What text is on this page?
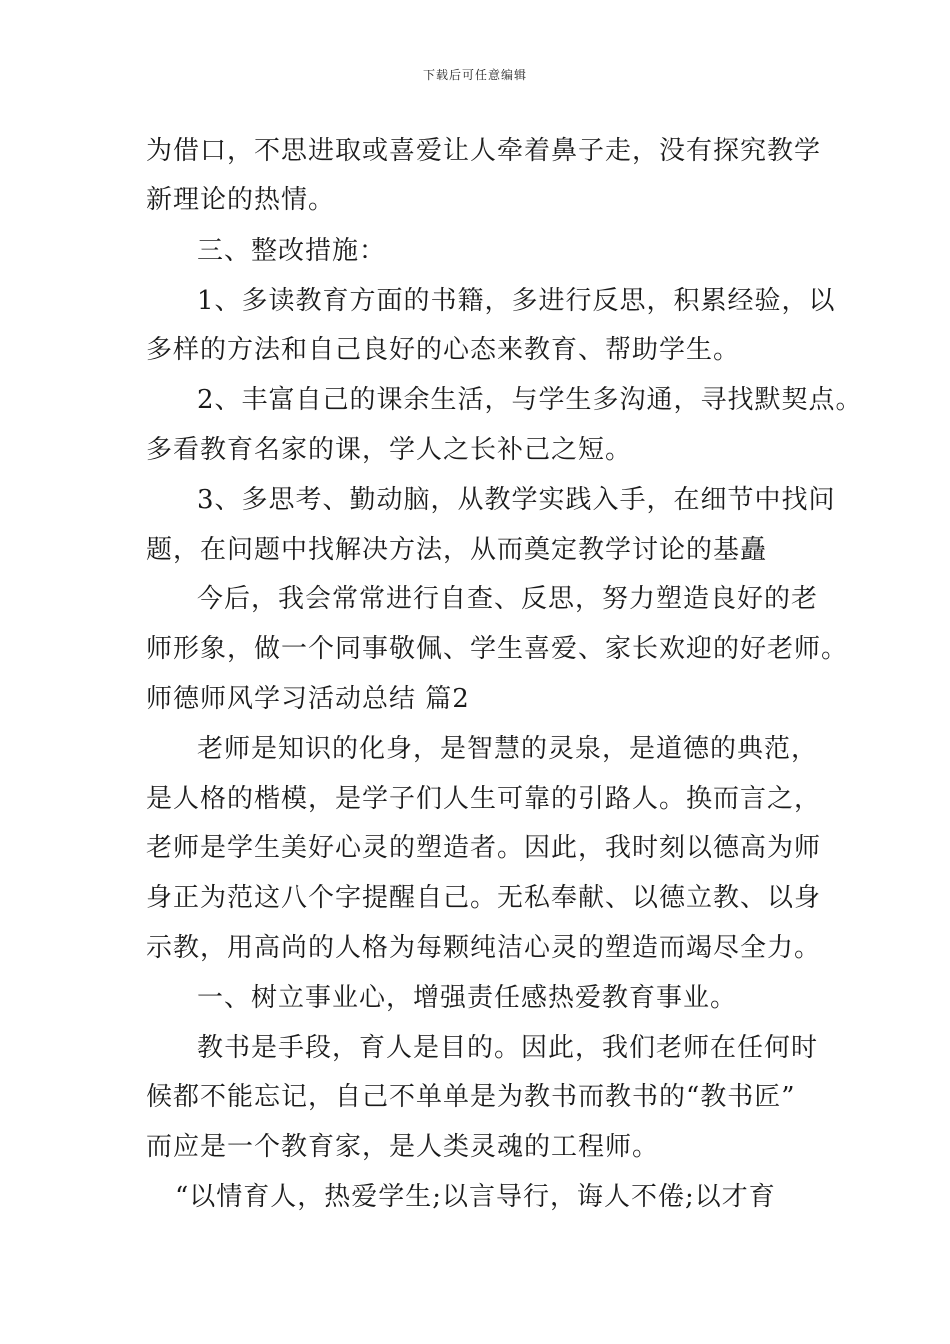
下载后可任意编辑
为借口，不思进取或喜爱让人牵着鼻子走，没有探究教学
新理论的热情。
三、整改措施：
1、多读教育方面的书籍，多进行反思，积累经验，以
多样的方法和自己良好的心态来教育、帮助学生。
2、丰富自己的课余生活，与学生多沟通，寻找默契点。
多看教育名家的课，学人之长补己之短。
3、多思考、勤动脑，从教学实践入手，在细节中找问
题，在问题中找解决方法，从而奠定教学讨论的基矗
今后，我会常常进行自查、反思，努力塑造良好的老
师形象，做一个同事敬佩、学生喜爱、家长欢迎的好老师。
师德师风学习活动总结 篇2
老师是知识的化身，是智慧的灵泉，是道德的典范，
是人格的楷模，是学子们人生可靠的引路人。换而言之，
老师是学生美好心灵的塑造者。因此，我时刻以德高为师
身正为范这八个字提醒自己。无私奉献、以德立教、以身
示教，用高尚的人格为每颗纯洁心灵的塑造而竭尽全力。
一、树立事业心，增强责任感热爱教育事业。
教书是手段，育人是目的。因此，我们老师在任何时
候都不能忘记，自己不单单是为教书而教书的“教书匠”
而应是一个教育家，是人类灵魂的工程师。
“以情育人，热爱学生;以言导行，诲人不倦;以才育
